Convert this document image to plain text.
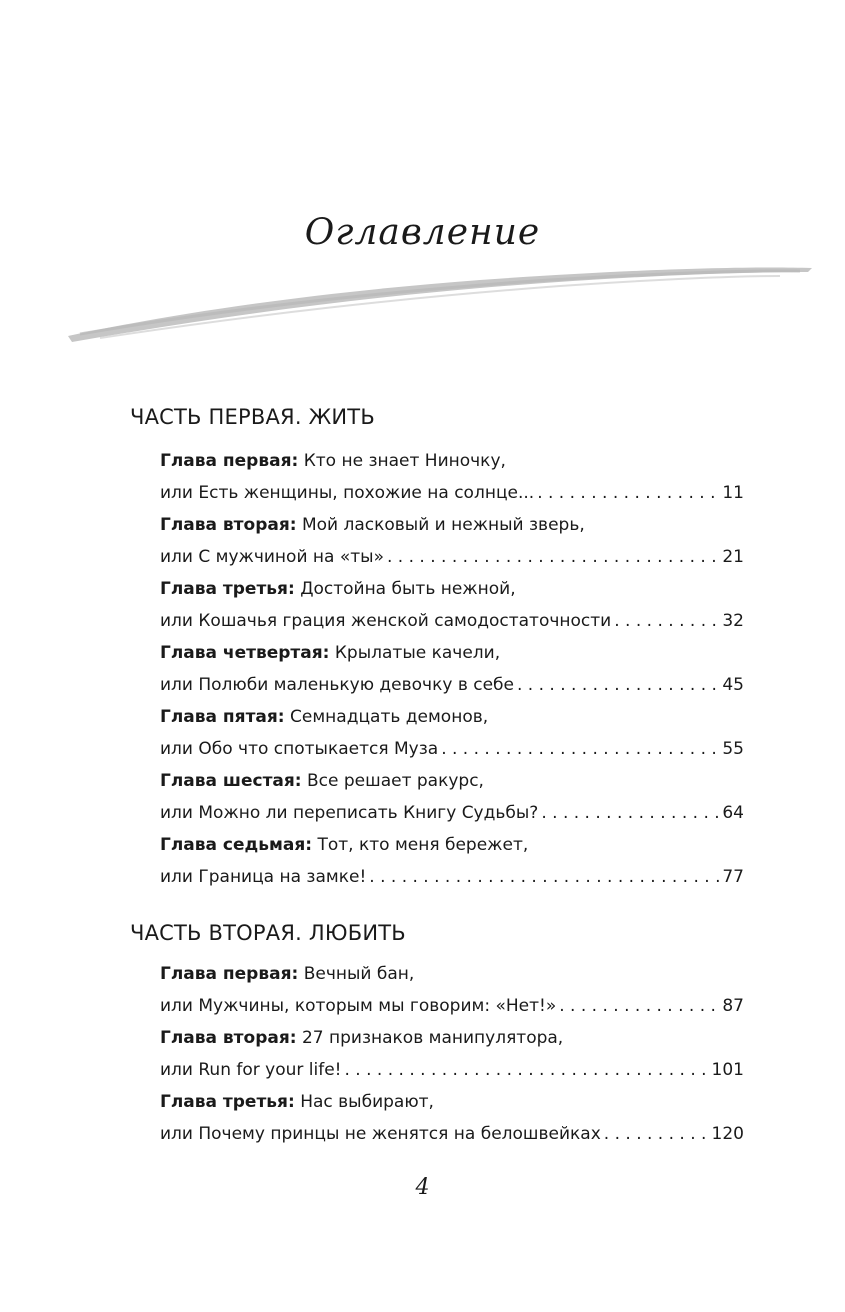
Оглавление
ЧАСТЬ ПЕРВАЯ. ЖИТЬ
Глава первая: Кто не знает Ниночку,
или Есть женщины, похожие на солнце... . . .	11
Глава вторая: Мой ласковый и нежный зверь,
или С мужчиной на «ты» . . .	21
Глава третья: Достойна быть нежной,
или Кошачья грация женской самодостаточности . . .	32
Глава четвертая: Крылатые качели,
или Полюби маленькую девочку в себе . . .	45
Глава пятая: Семнадцать демонов,
или Обо что спотыкается Муза . . .	55
Глава шестая: Все решает ракурс,
или Можно ли переписать Книгу Судьбы? . . .	64
Глава седьмая: Тот, кто меня бережет,
или Граница на замке! . . .	77
ЧАСТЬ ВТОРАЯ. ЛЮБИТЬ
Глава первая: Вечный бан,
или Мужчины, которым мы говорим: «Нет!» . . .	87
Глава вторая: 27 признаков манипулятора,
или Run for your life! . . .	101
Глава третья: Нас выбирают,
или Почему принцы не женятся на белошвейках . . .	120
4
